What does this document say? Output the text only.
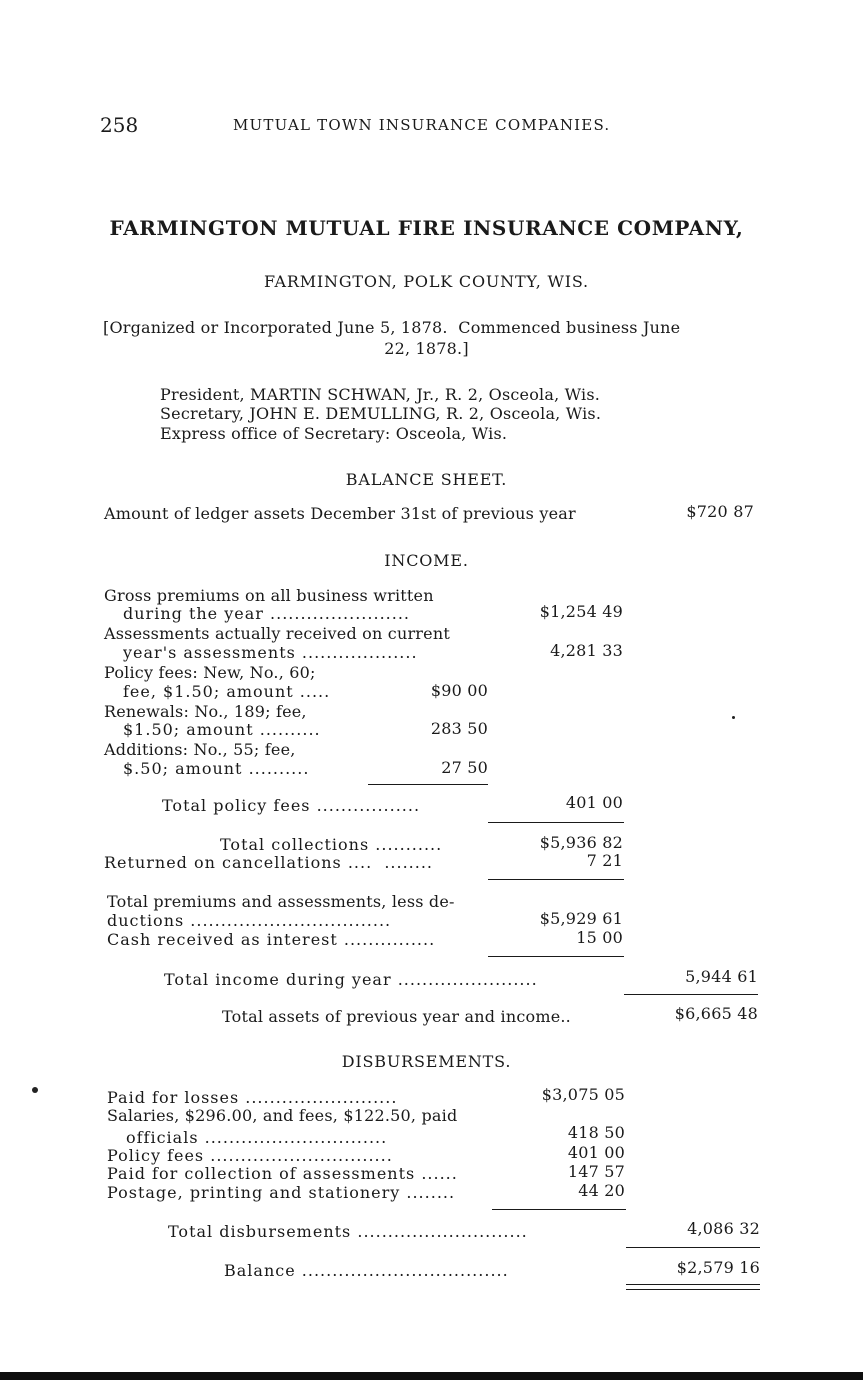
258	MUTUAL TOWN INSURANCE COMPANIES.
FARMINGTON MUTUAL FIRE INSURANCE COMPANY,
FARMINGTON, POLK COUNTY, WIS.
[Organized or Incorporated June 5, 1878.  Commenced business June
22, 1878.]
President, MARTIN SCHWAN, Jr., R. 2, Osceola, Wis.
Secretary, JOHN E. DEMULLING, R. 2, Osceola, Wis.
Express office of Secretary: Osceola, Wis.
BALANCE SHEET.
Amount of ledger assets December 31st of previous year	$720 87
INCOME.
Gross premiums on all business written
during the year .......................	$1,254 49
Assessments actually received on current
year's assessments ...................	4,281 33
Policy fees: New, No., 60;
fee, $1.50; amount .....	$90 00
Renewals: No., 189; fee,
$1.50; amount ..........	283 50
Additions: No., 55; fee,
$.50; amount ..........	27 50
Total policy fees .................	401 00
Total collections ...........	$5,936 82
Returned on cancellations ....  ........	7 21
Total premiums and assessments, less de-
ductions .................................	$5,929 61
Cash received as interest ...............	15 00
Total income during year .......................	5,944 61
Total assets of previous year and income..	$6,665 48
DISBURSEMENTS.
Paid for losses .........................	$3,075 05
Salaries, $296.00, and fees, $122.50, paid
officials ..............................	418 50
Policy fees ..............................	401 00
Paid for collection of assessments ......	147 57
Postage, printing and stationery ........	44 20
Total disbursements ............................	4,086 32
Balance ..................................	$2,579 16
